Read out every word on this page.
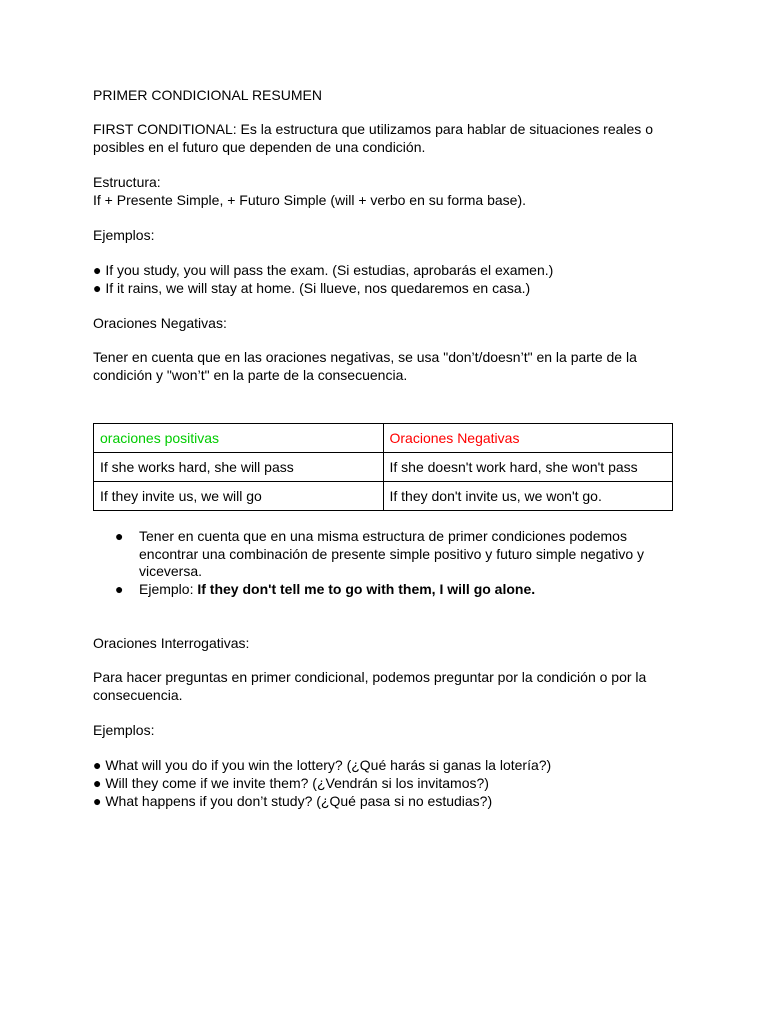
PRIMER CONDICIONAL RESUMEN

FIRST CONDITIONAL: Es la estructura que utilizamos para hablar de situaciones reales o

posibles en el futuro que dependen de una condición.

Estructura:

If + Presente Simple, + Futuro Simple (will + verbo en su forma base).

Ejemplos:

● If you study, you will pass the exam. (Si estudias, aprobarás el examen.)

● If it rains, we will stay at home. (Si llueve, nos quedaremos en casa.)

Oraciones Negativas:

Tener en cuenta que en las oraciones negativas, se usa "don’t/doesn’t" en la parte de la

condición y "won’t" en la parte de la consecuencia.

oraciones positivas	Oraciones Negativas
If she works hard, she will pass	If she doesn't work hard, she won't pass
If they invite us, we will go	If they don't invite us, we won't go.
● Tener en cuenta que en una misma estructura de primer condiciones podemos
encontrar una combinación de presente simple positivo y futuro simple negativo y
viceversa.
● Ejemplo: If they don't tell me to go with them, I will go alone.

Oraciones Interrogativas:

Para hacer preguntas en primer condicional, podemos preguntar por la condición o por la

consecuencia.

Ejemplos:

● What will you do if you win the lottery? (¿Qué harás si ganas la lotería?)

● Will they come if we invite them? (¿Vendrán si los invitamos?)

● What happens if you don’t study? (¿Qué pasa si no estudias?)
